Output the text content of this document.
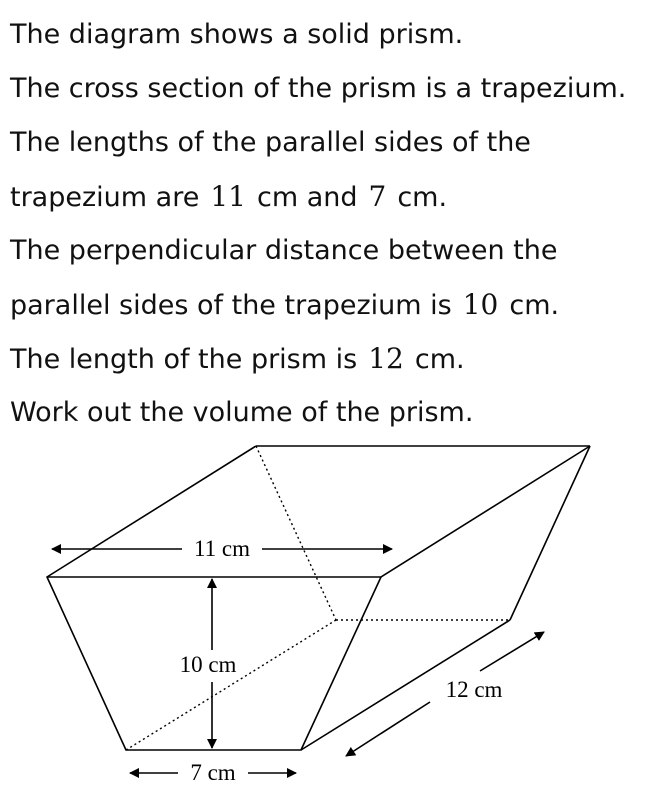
The diagram shows a solid prism.
The cross section of the prism is a trapezium.
The lengths of the parallel sides of the
trapezium are 11 cm and 7 cm.
The perpendicular distance between the
parallel sides of the trapezium is 10 cm.
The length of the prism is 12 cm.
Work out the volume of the prism.
11 cm
10 cm
7 cm
12 cm
